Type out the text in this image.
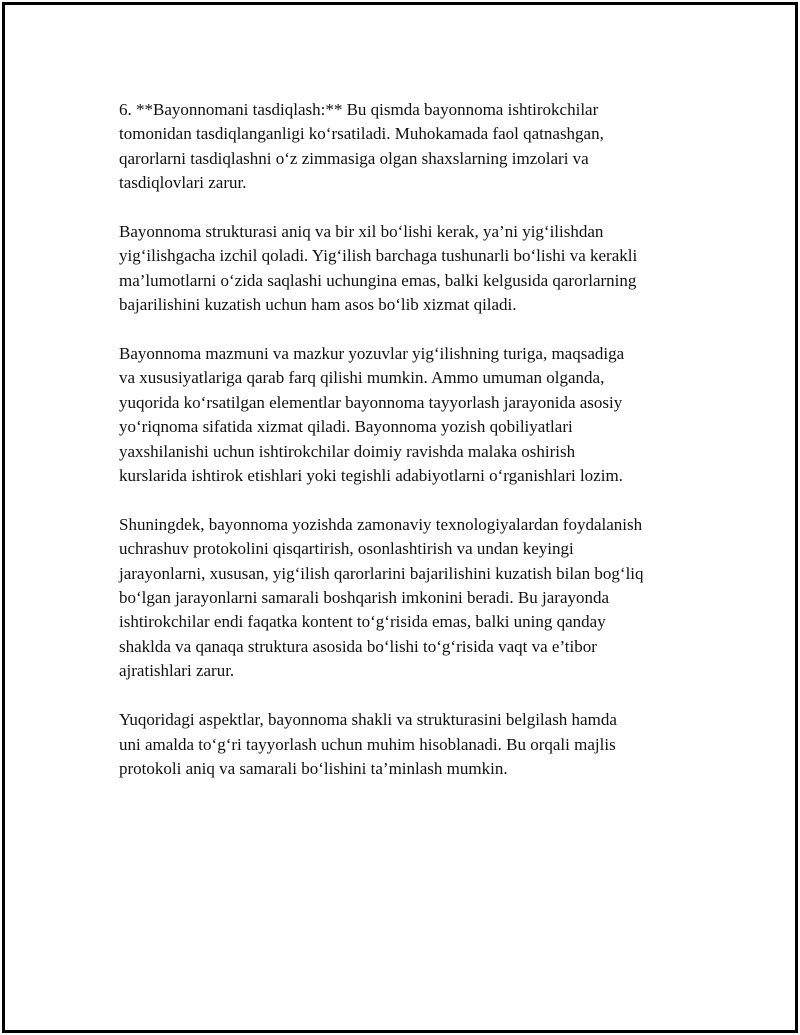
6. **Bayonnomani tasdiqlash:** Bu qismda bayonnoma ishtirokchilar
tomonidan tasdiqlanganligi ko‘rsatiladi. Muhokamada faol qatnashgan,
qarorlarni tasdiqlashni o‘z zimmasiga olgan shaxslarning imzolari va
tasdiqlovlari zarur.

Bayonnoma strukturasi aniq va bir xil bo‘lishi kerak, ya’ni yig‘ilishdan
yig‘ilishgacha izchil qoladi. Yig‘ilish barchaga tushunarli bo‘lishi va kerakli
ma’lumotlarni o‘zida saqlashi uchungina emas, balki kelgusida qarorlarning
bajarilishini kuzatish uchun ham asos bo‘lib xizmat qiladi.

Bayonnoma mazmuni va mazkur yozuvlar yig‘ilishning turiga, maqsadiga
va xususiyatlariga qarab farq qilishi mumkin. Ammo umuman olganda,
yuqorida ko‘rsatilgan elementlar bayonnoma tayyorlash jarayonida asosiy
yo‘riqnoma sifatida xizmat qiladi. Bayonnoma yozish qobiliyatlari
yaxshilanishi uchun ishtirokchilar doimiy ravishda malaka oshirish
kurslarida ishtirok etishlari yoki tegishli adabiyotlarni o‘rganishlari lozim.

Shuningdek, bayonnoma yozishda zamonaviy texnologiyalardan foydalanish
uchrashuv protokolini qisqartirish, osonlashtirish va undan keyingi
jarayonlarni, xususan, yig‘ilish qarorlarini bajarilishini kuzatish bilan bog‘liq
bo‘lgan jarayonlarni samarali boshqarish imkonini beradi. Bu jarayonda
ishtirokchilar endi faqatka kontent to‘g‘risida emas, balki uning qanday
shaklda va qanaqa struktura asosida bo‘lishi to‘g‘risida vaqt va e’tibor
ajratishlari zarur.

Yuqoridagi aspektlar, bayonnoma shakli va strukturasini belgilash hamda
uni amalda to‘g‘ri tayyorlash uchun muhim hisoblanadi. Bu orqali majlis
protokoli aniq va samarali bo‘lishini ta’minlash mumkin.
